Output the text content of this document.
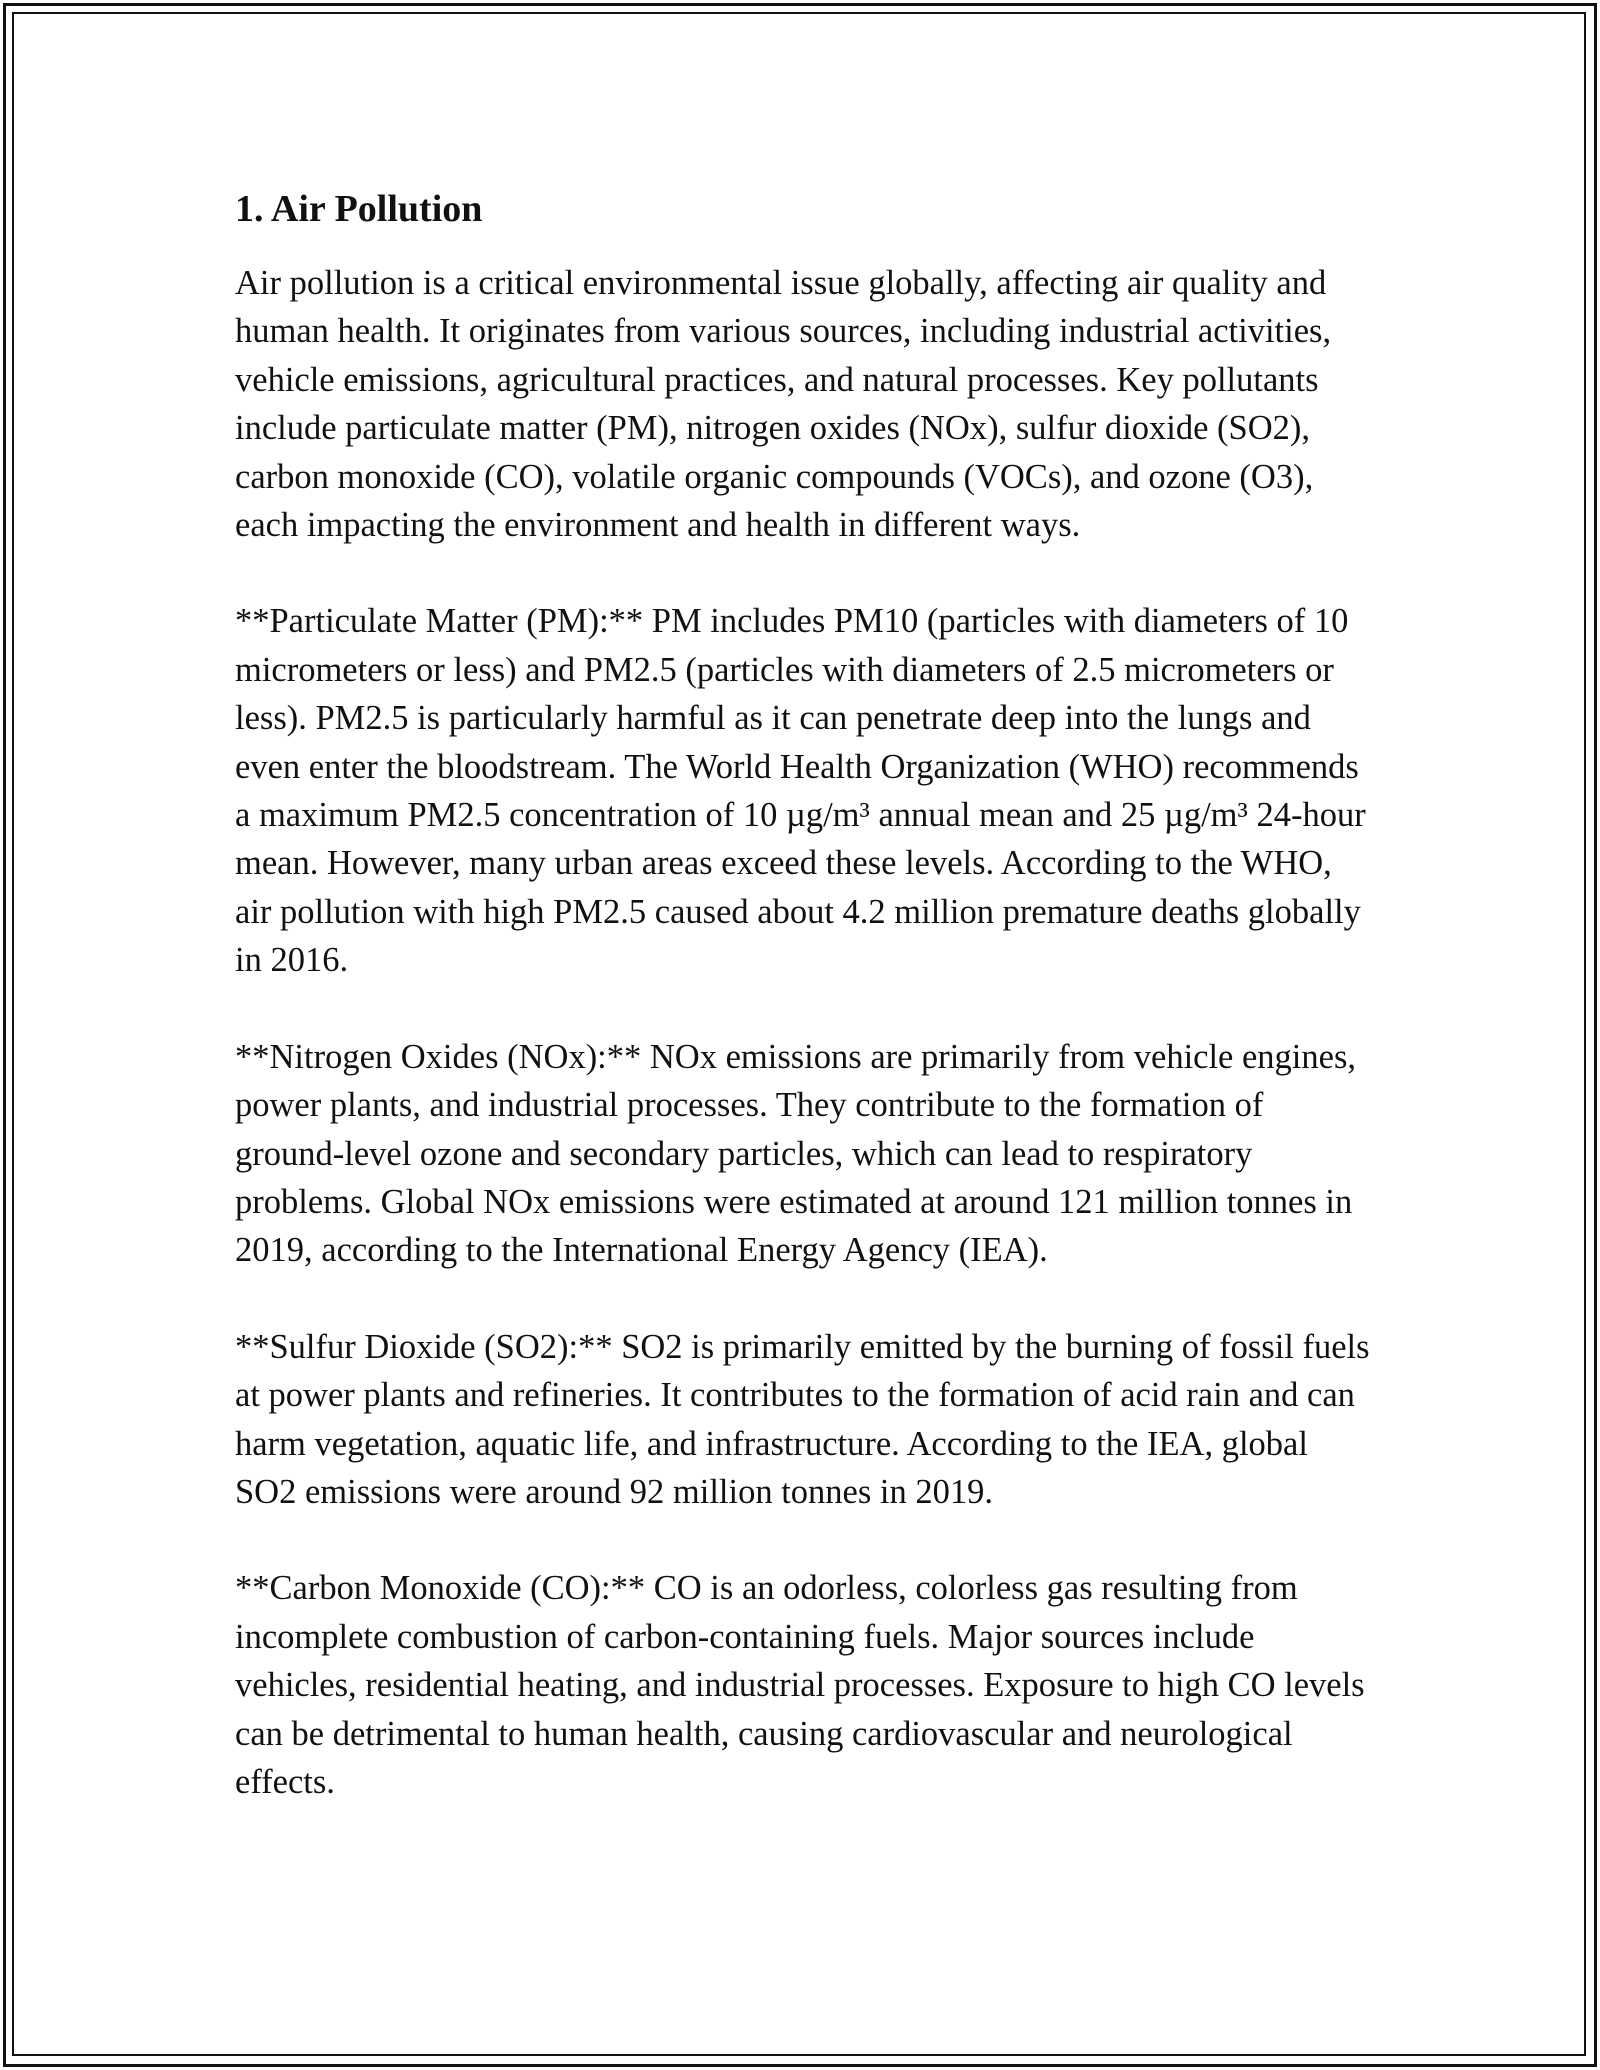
1. Air Pollution

Air pollution is a critical environmental issue globally, affecting air quality and human health. It originates from various sources, including industrial activities, vehicle emissions, agricultural practices, and natural processes. Key pollutants include particulate matter (PM), nitrogen oxides (NOx), sulfur dioxide (SO2), carbon monoxide (CO), volatile organic compounds (VOCs), and ozone (O3), each impacting the environment and health in different ways.

**Particulate Matter (PM):** PM includes PM10 (particles with diameters of 10 micrometers or less) and PM2.5 (particles with diameters of 2.5 micrometers or less). PM2.5 is particularly harmful as it can penetrate deep into the lungs and even enter the bloodstream. The World Health Organization (WHO) recommends a maximum PM2.5 concentration of 10 µg/m³ annual mean and 25 µg/m³ 24-hour mean. However, many urban areas exceed these levels. According to the WHO, air pollution with high PM2.5 caused about 4.2 million premature deaths globally in 2016.

**Nitrogen Oxides (NOx):** NOx emissions are primarily from vehicle engines, power plants, and industrial processes. They contribute to the formation of ground-level ozone and secondary particles, which can lead to respiratory problems. Global NOx emissions were estimated at around 121 million tonnes in 2019, according to the International Energy Agency (IEA).

**Sulfur Dioxide (SO2):** SO2 is primarily emitted by the burning of fossil fuels at power plants and refineries. It contributes to the formation of acid rain and can harm vegetation, aquatic life, and infrastructure. According to the IEA, global SO2 emissions were around 92 million tonnes in 2019.

**Carbon Monoxide (CO):** CO is an odorless, colorless gas resulting from incomplete combustion of carbon-containing fuels. Major sources include vehicles, residential heating, and industrial processes. Exposure to high CO levels can be detrimental to human health, causing cardiovascular and neurological effects.
